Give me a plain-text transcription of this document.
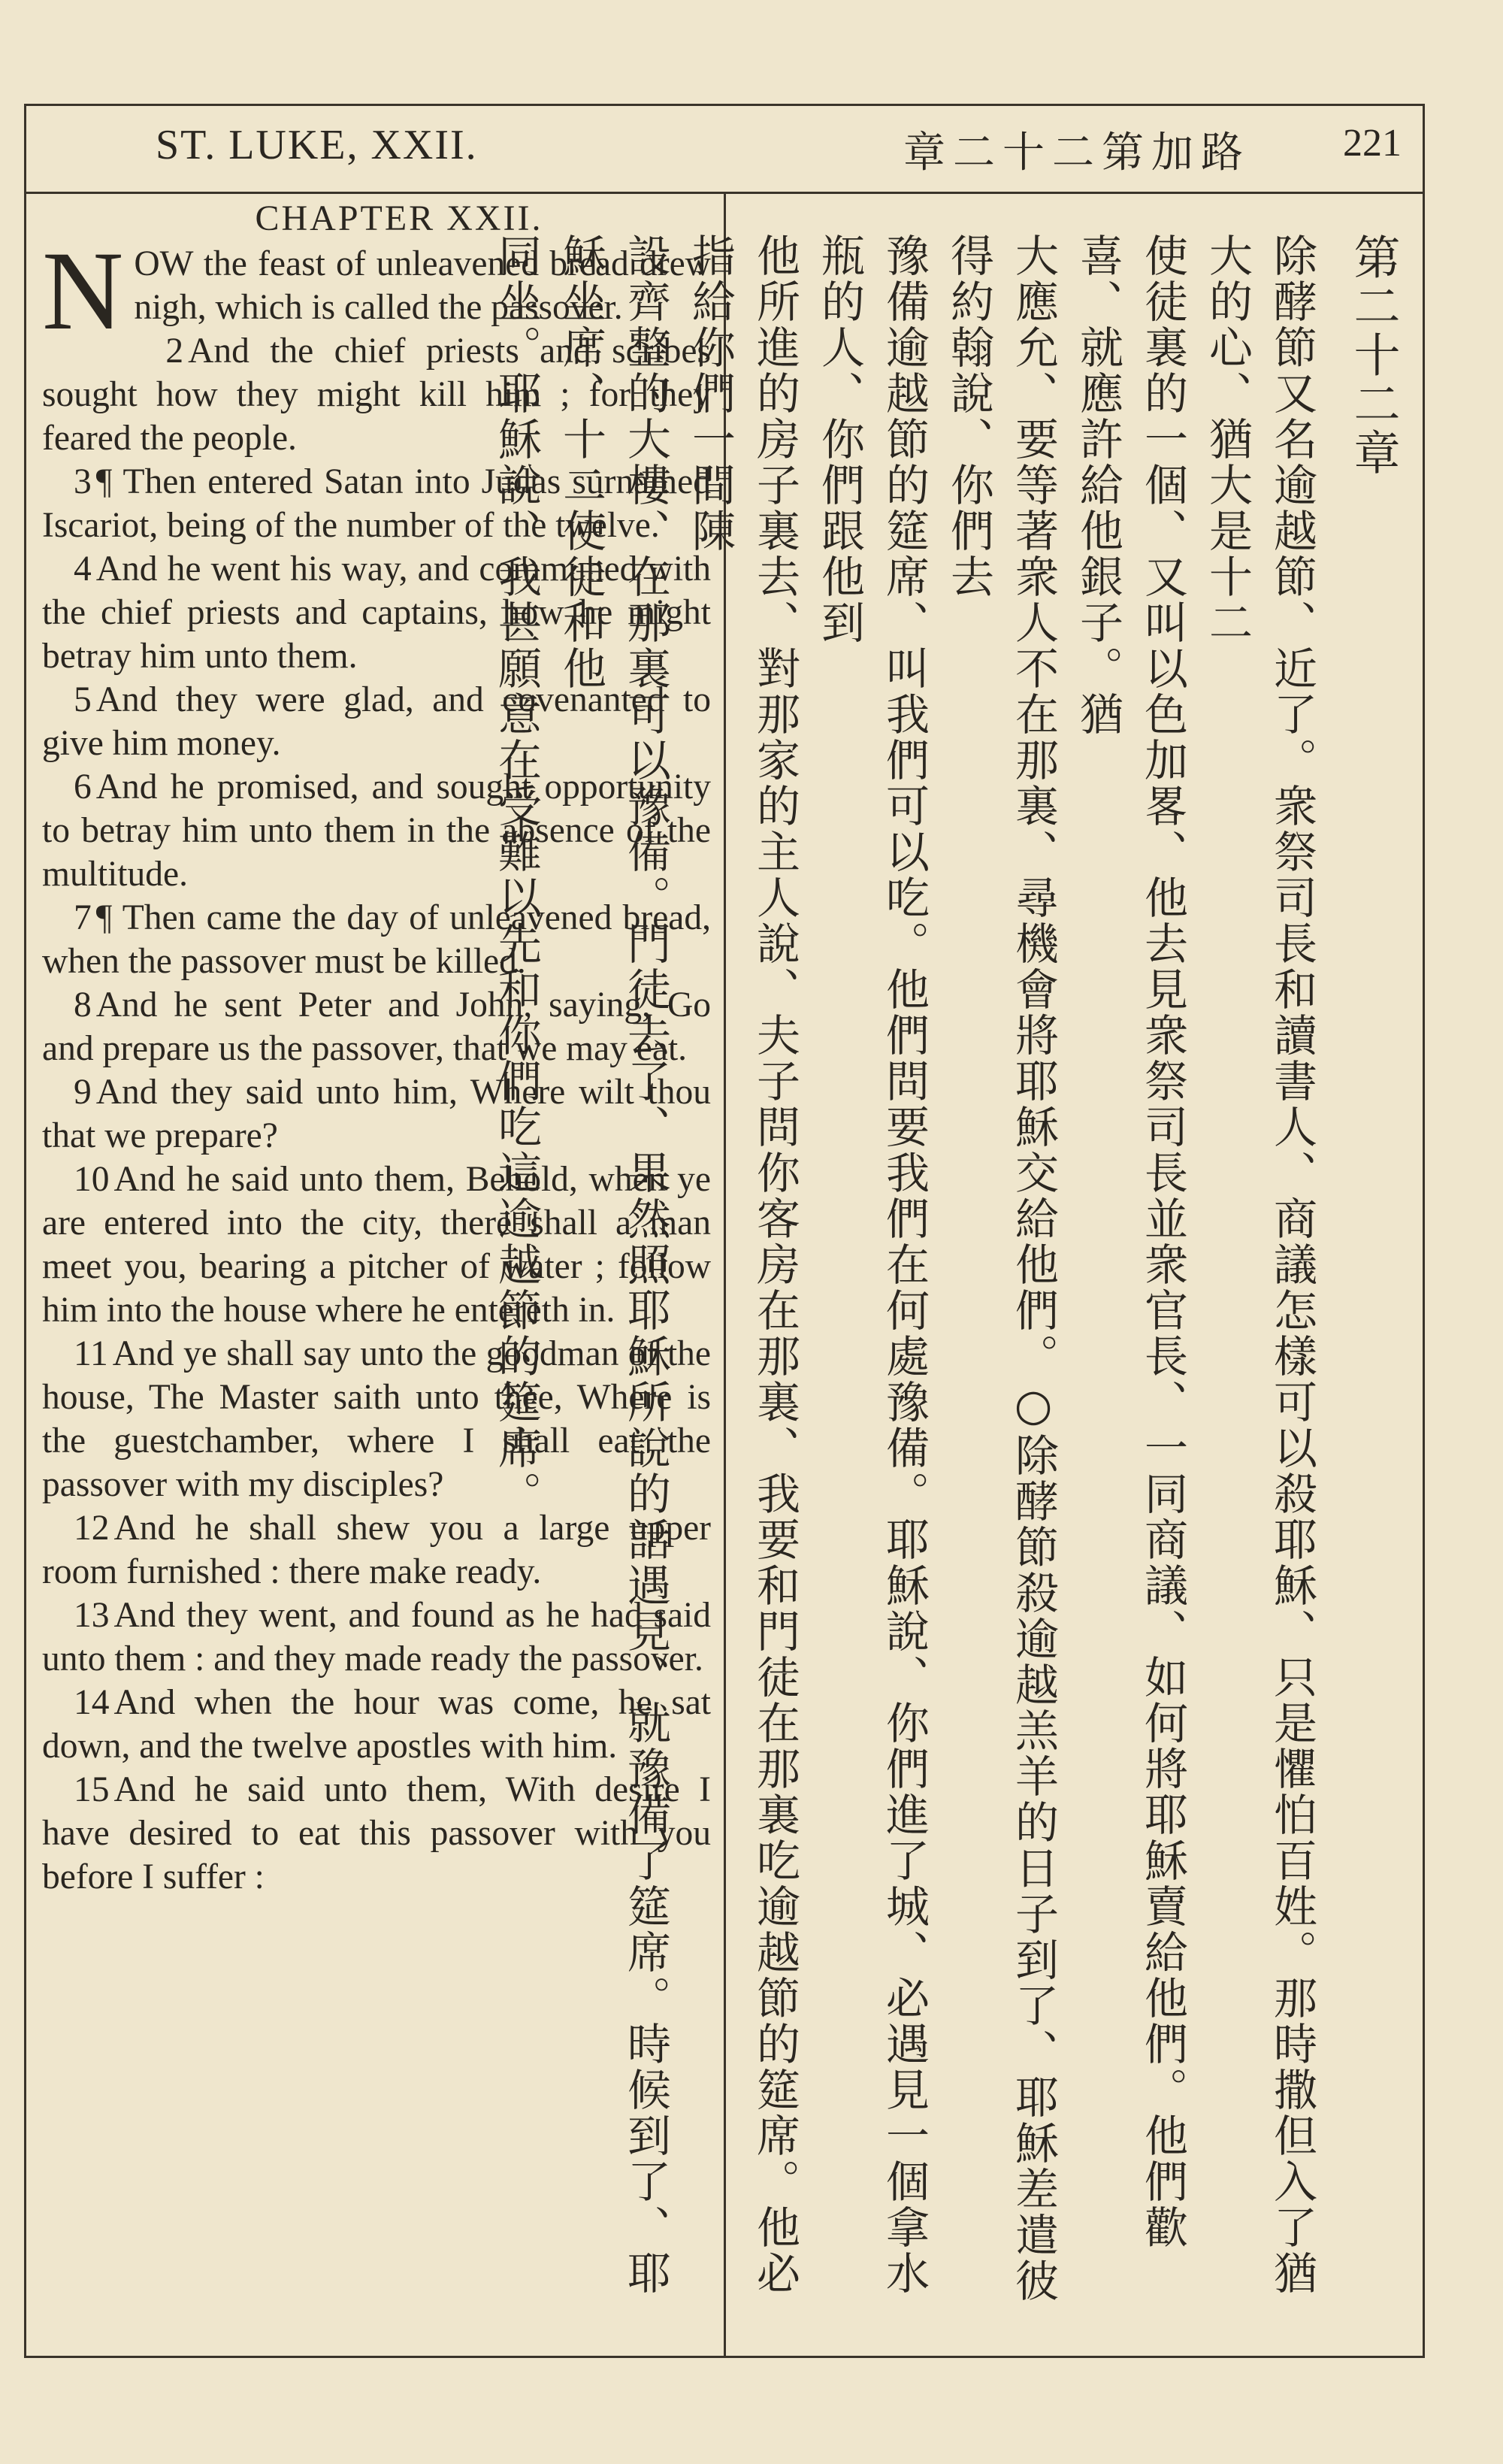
ST. LUKE, XXII.	章二十二第加路 221

CHAPTER XXII.

NOW the feast of unleavened bread drew nigh, which is called the passover.

2 And the chief priests and scribes sought how they might kill him ; for they feared the people.

3 ¶ Then entered Satan into Judas surnamed Iscariot, being of the number of the twelve.

4 And he went his way, and communed with the chief priests and captains, how he might betray him unto them.

5 And they were glad, and covenanted to give him money.

6 And he promised, and sought opportunity to betray him unto them in the absence of the multitude.

7 ¶ Then came the day of unleavened bread, when the passover must be killed.

8 And he sent Peter and John, saying, Go and prepare us the passover, that we may eat.

9 And they said unto him, Where wilt thou that we prepare?

10 And he said unto them, Behold, when ye are entered into the city, there shall a man meet you, bearing a pitcher of water ; follow him into the house where he entereth in.

11 And ye shall say unto the goodman of the house, The Master saith unto thee, Where is the guestchamber, where I shall eat the passover with my disciples?

12 And he shall shew you a large upper room furnished : there make ready.

13 And they went, and found as he had said unto them : and they made ready the passover.

14 And when the hour was come, he sat down, and the twelve apostles with him.

15 And he said unto them, With desire I have desired to eat this passover with you before I suffer :

第二十二章
除酵節又名逾越節、近了。衆祭司長和讀書人、商議怎樣可以殺耶穌、只是懼怕百姓。那時撒但入了猶大的心、猶大是十二
使徒裏的一個、又叫以色加畧、他去見衆祭司長並衆官長、一同商議、如何將耶穌賣給他們。他們歡喜、就應許給他銀子。猶
大應允、要等著衆人不在那裏、尋機會將耶穌交給他們。○除酵節殺逾越羔羊的日子到了、耶穌差遣彼得約翰說、你們去
豫備逾越節的筵席、叫我們可以吃。他們問要我們在何處豫備。耶穌說、你們進了城、必遇見一個拿水瓶的人、你們跟他到
他所進的房子裏去、對那家的主人說、夫子問你客房在那裏、我要和門徒在那裏吃逾越節的筵席。他必指給你們一間陳
設齊整的大樓、在那裏可以豫備。門徒去了、果然照耶穌所說的話遇見、就豫備了筵席。時候到了、耶穌坐席、十二使徒和他
同坐。耶穌說、我甚願意在受難以先和你們吃這逾越節的筵席。
